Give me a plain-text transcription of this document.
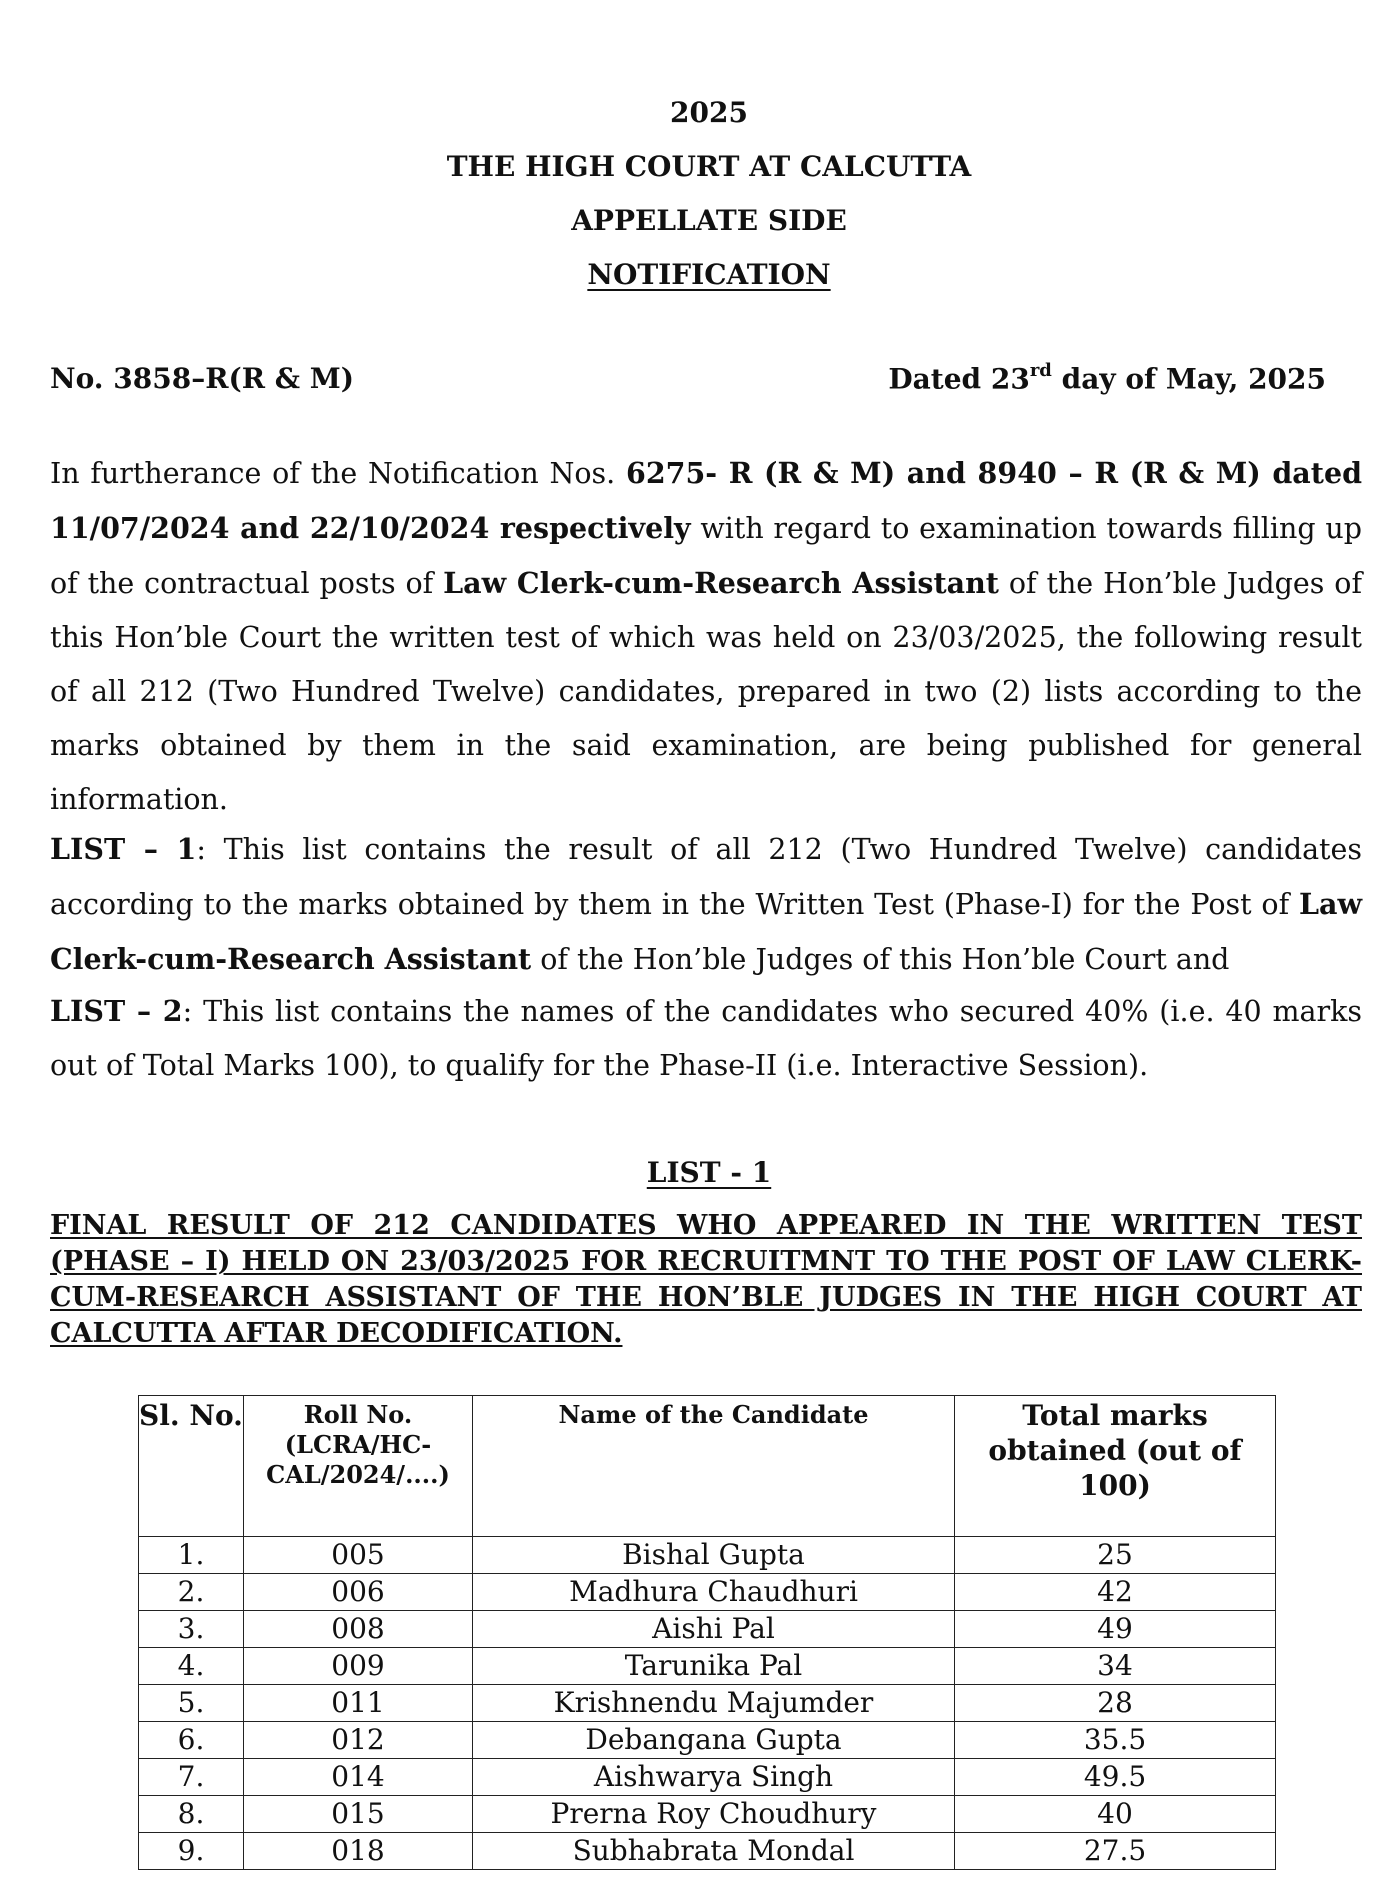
2025
THE HIGH COURT AT CALCUTTA
APPELLATE SIDE
NOTIFICATION
No. 3858–R(R & M)	Dated 23rd day of May, 2025
In furtherance of the Notification Nos. 6275- R (R & M) and 8940 – R (R & M) dated 11/07/2024 and 22/10/2024 respectively with regard to examination towards filling up of the contractual posts of Law Clerk-cum-Research Assistant of the Hon’ble Judges of this Hon’ble Court the written test of which was held on 23/03/2025, the following result of all 212 (Two Hundred Twelve) candidates, prepared in two (2) lists according to the marks obtained by them in the said examination, are being published for general information.
LIST – 1: This list contains the result of all 212 (Two Hundred Twelve) candidates according to the marks obtained by them in the Written Test (Phase-I) for the Post of Law Clerk-cum-Research Assistant of the Hon’ble Judges of this Hon’ble Court and
LIST – 2: This list contains the names of the candidates who secured 40% (i.e. 40 marks out of Total Marks 100), to qualify for the Phase-II (i.e. Interactive Session).
LIST - 1
FINAL RESULT OF 212 CANDIDATES WHO APPEARED IN THE WRITTEN TEST (PHASE – I) HELD ON 23/03/2025 FOR RECRUITMNT TO THE POST OF LAW CLERK-CUM-RESEARCH ASSISTANT OF THE HON’BLE JUDGES IN THE HIGH COURT AT CALCUTTA AFTAR DECODIFICATION.
Sl. No.	Roll No. (LCRA/HC-CAL/2024/....)	Name of the Candidate	Total marks obtained (out of 100)
1.	005	Bishal Gupta	25
2.	006	Madhura Chaudhuri	42
3.	008	Aishi Pal	49
4.	009	Tarunika Pal	34
5.	011	Krishnendu Majumder	28
6.	012	Debangana Gupta	35.5
7.	014	Aishwarya Singh	49.5
8.	015	Prerna Roy Choudhury	40
9.	018	Subhabrata Mondal	27.5
